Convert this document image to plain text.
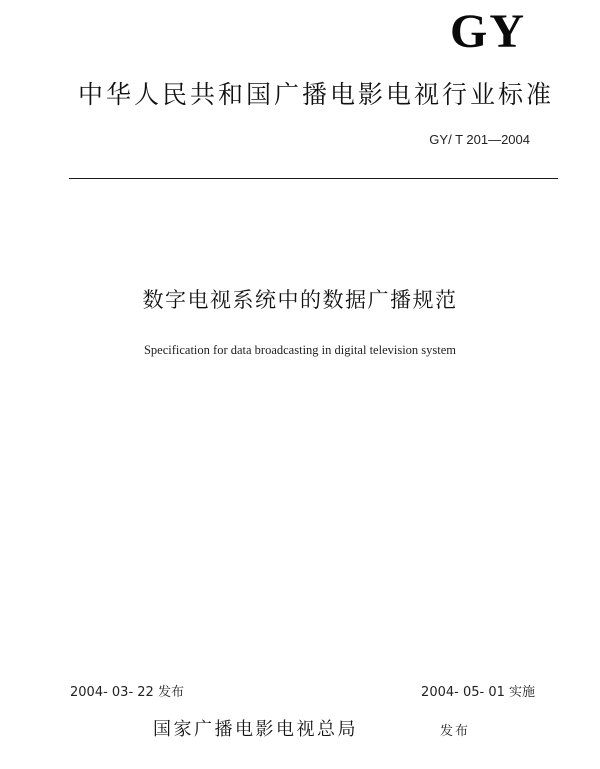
GY
中华人民共和国广播电影电视行业标准
GY/ T 201—2004
数字电视系统中的数据广播规范
Specification for data broadcasting in digital television system
2004- 03- 22 发布	2004- 05- 01 实施
国家广播电影电视总局	发布
